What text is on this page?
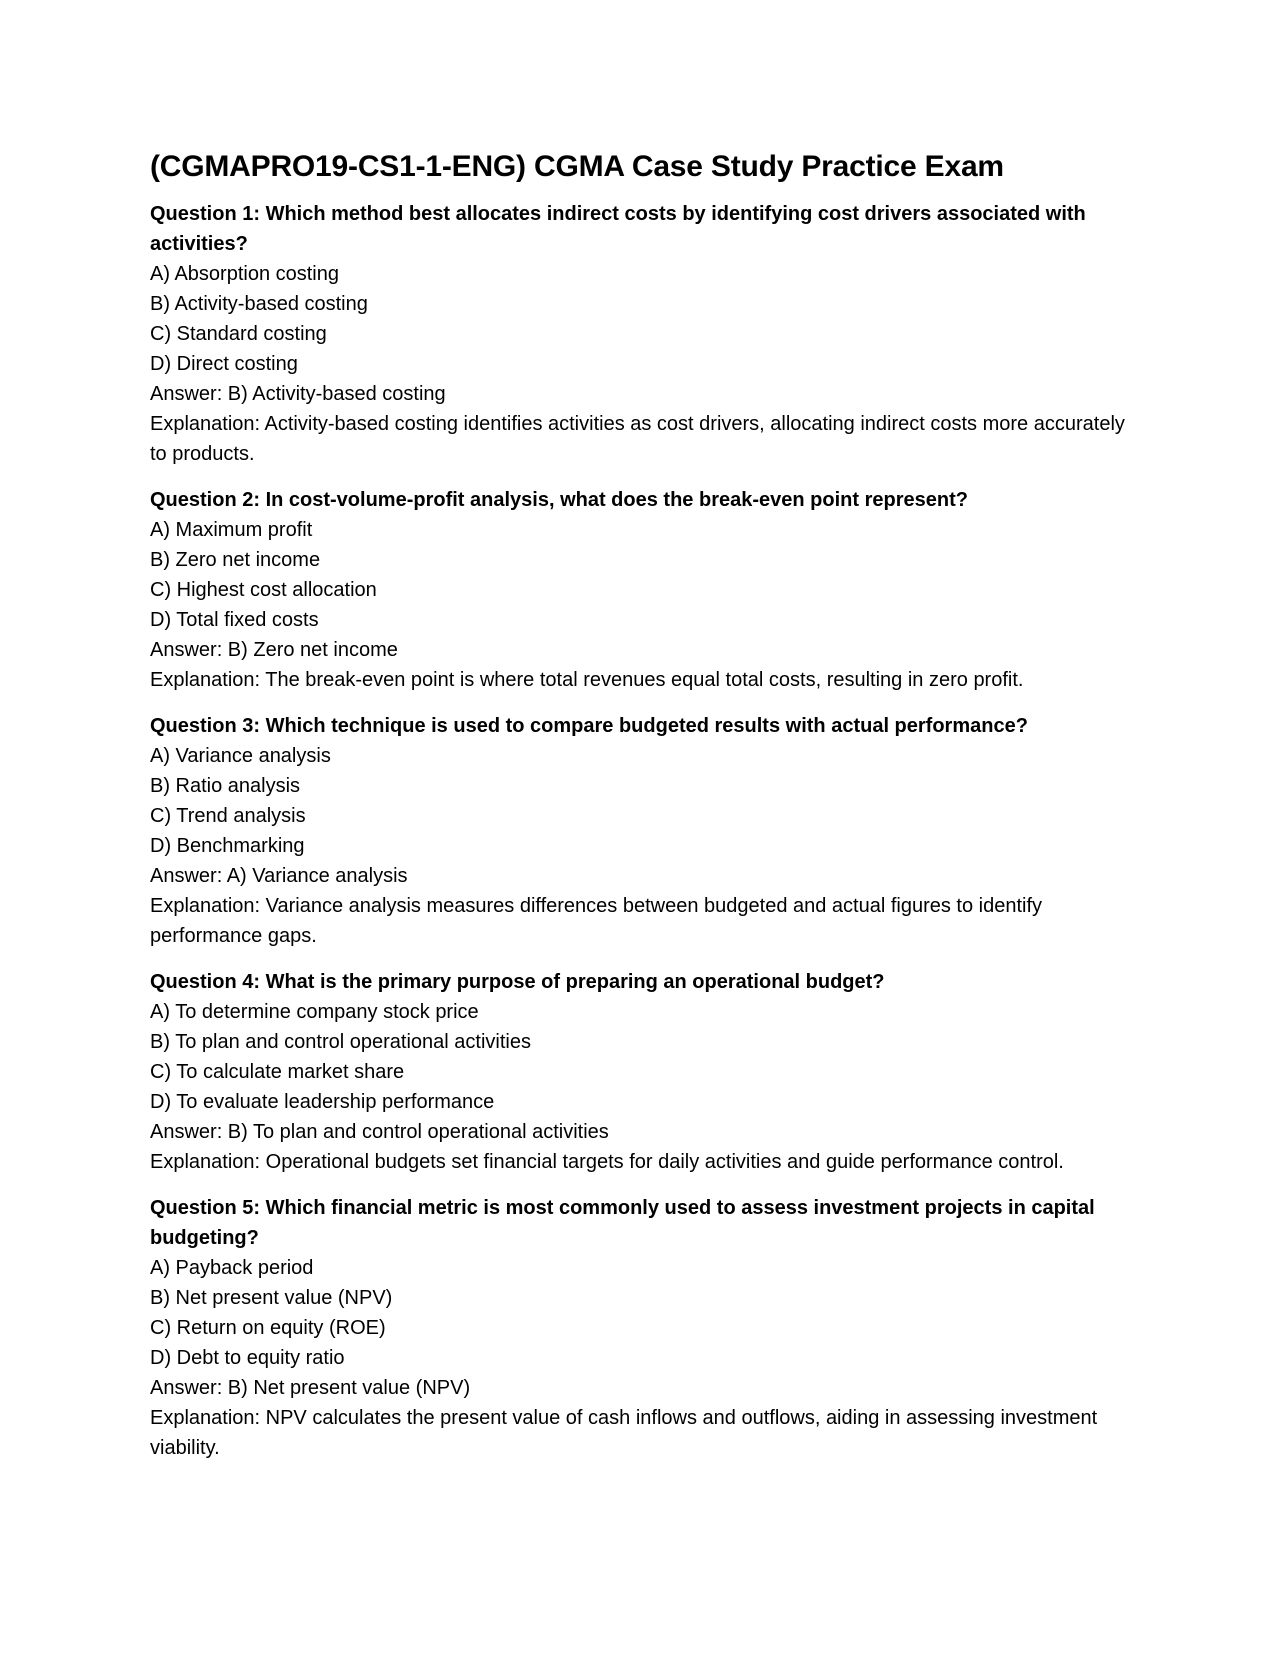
(CGMAPRO19-CS1-1-ENG) CGMA Case Study Practice Exam

Question 1: Which method best allocates indirect costs by identifying cost drivers associated with activities?

A) Absorption costing

B) Activity-based costing

C) Standard costing

D) Direct costing

Answer: B) Activity-based costing

Explanation: Activity-based costing identifies activities as cost drivers, allocating indirect costs more accurately to products.

Question 2: In cost-volume-profit analysis, what does the break-even point represent?

A) Maximum profit

B) Zero net income

C) Highest cost allocation

D) Total fixed costs

Answer: B) Zero net income

Explanation: The break-even point is where total revenues equal total costs, resulting in zero profit.

Question 3: Which technique is used to compare budgeted results with actual performance?

A) Variance analysis

B) Ratio analysis

C) Trend analysis

D) Benchmarking

Answer: A) Variance analysis

Explanation: Variance analysis measures differences between budgeted and actual figures to identify performance gaps.

Question 4: What is the primary purpose of preparing an operational budget?

A) To determine company stock price

B) To plan and control operational activities

C) To calculate market share

D) To evaluate leadership performance

Answer: B) To plan and control operational activities

Explanation: Operational budgets set financial targets for daily activities and guide performance control.

Question 5: Which financial metric is most commonly used to assess investment projects in capital budgeting?

A) Payback period

B) Net present value (NPV)

C) Return on equity (ROE)

D) Debt to equity ratio

Answer: B) Net present value (NPV)

Explanation: NPV calculates the present value of cash inflows and outflows, aiding in assessing investment viability.
